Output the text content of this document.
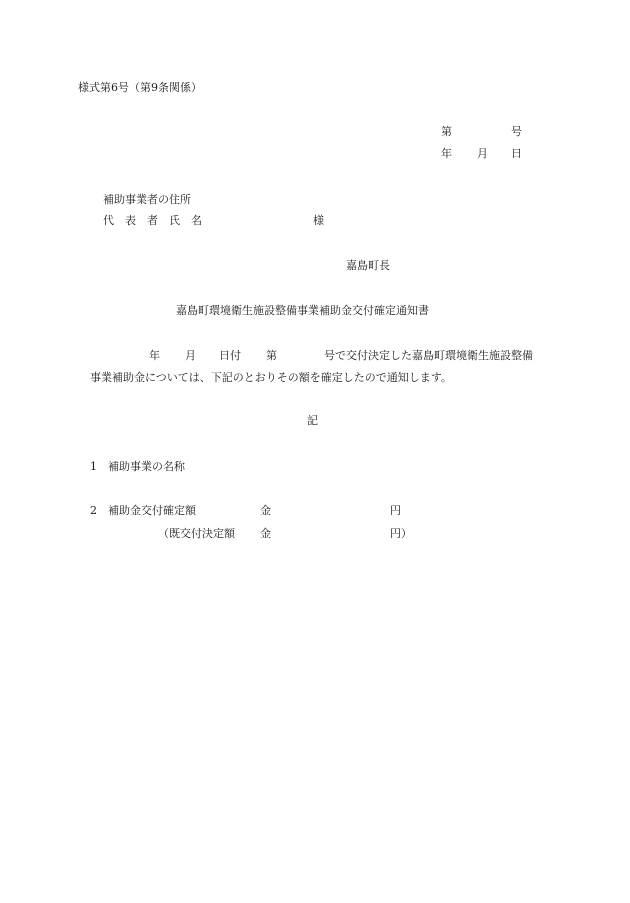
様式第6号（第9条関係）
第	号
年 月 日
補助事業者の住所
代　表　者　氏　名	様
嘉島町長
嘉島町環境衛生施設整備事業補助金交付確定通知書
年 月 日付 第	号で交付決定した嘉島町環境衛生施設整備
事業補助金については、下記のとおりその額を確定したので通知します。
記
1　補助事業の名称
2　補助金交付確定額	金	円
（既交付決定額 金	円）
